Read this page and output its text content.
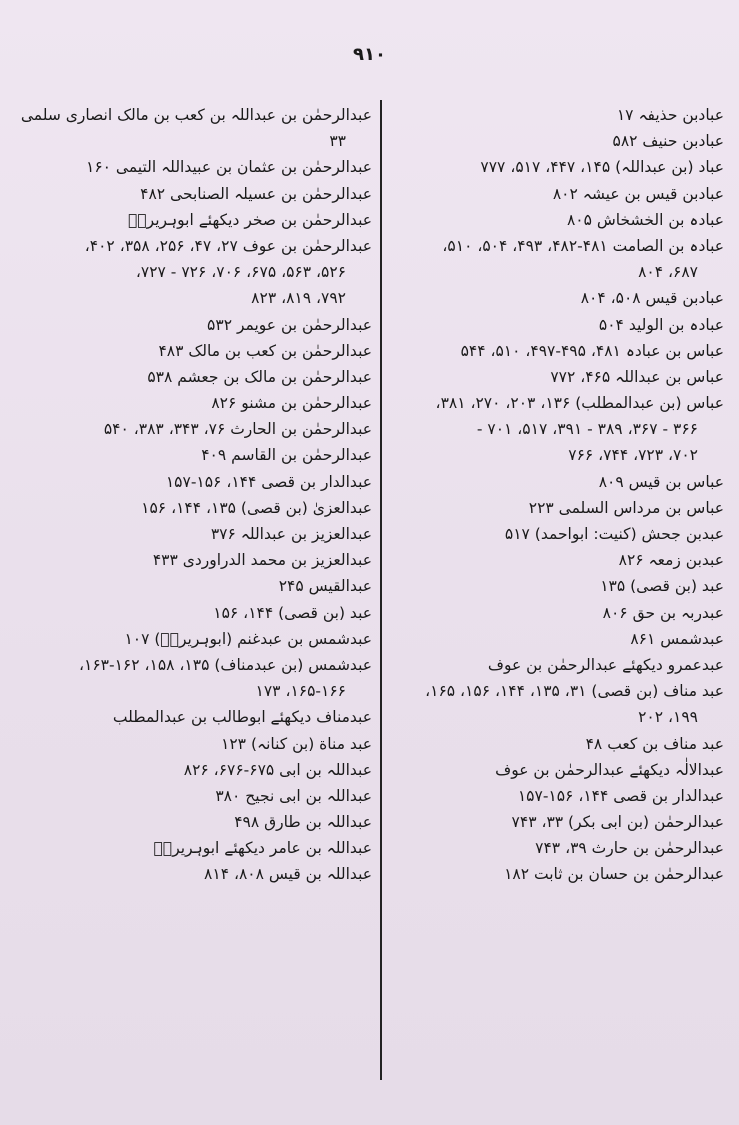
۹۱۰
عبادبن حذیفہ ۱۷
عبادبن حنیف ۵۸۲
عباد (بن عبداللہ) ۱۴۵، ۴۴۷، ۵۱۷، ۷۷۷
عبادبن قیس بن عیشہ ۸۰۲
عبادہ بن الخشخاش ۸۰۵
عبادہ بن الصامت ۴۸۱-۴۸۲، ۴۹۳، ۵۰۴، ۵۱۰،
۶۸۷، ۸۰۴
عبادبن قیس ۵۰۸، ۸۰۴
عبادہ بن الولید ۵۰۴
عباس بن عبادہ ۴۸۱، ۴۹۵-۴۹۷، ۵۱۰، ۵۴۴
عباس بن عبداللہ ۴۶۵، ۷۷۲
عباس (بن عبدالمطلب) ۱۳۶، ۲۰۳، ۲۷۰، ۳۸۱،
۳۶۶ - ۳۶۷، ۳۸۹ - ۳۹۱، ۵۱۷، ۷۰۱ -
۷۰۲، ۷۲۳، ۷۴۴، ۷۶۶
عباس بن قیس ۸۰۹
عباس بن مرداس السلمی ۲۲۳
عبدبن جحش (کنیت: ابواحمد) ۵۱۷
عبدبن زمعہ ۸۲۶
عبد (بن قصی) ۱۳۵
عبدربہ بن حق ۸۰۶
عبدشمس ۸۶۱
عبدعمرو دیکھئے عبدالرحمٰن بن عوف
عبد مناف (بن قصی) ۳۱، ۱۳۵، ۱۴۴، ۱۵۶، ۱۶۵،
۱۹۹، ۲۰۲
عبد مناف بن کعب ۴۸
عبدالالٰہ دیکھئے عبدالرحمٰن بن عوف
عبدالدار بن قصی ۱۴۴، ۱۵۶-۱۵۷
عبدالرحمٰن (بن ابی بکر) ۳۳، ۷۴۳
عبدالرحمٰن بن حارث ۳۹، ۷۴۳
عبدالرحمٰن بن حسان بن ثابت ۱۸۲
عبدالرحمٰن بن عبداللہ بن کعب بن مالک انصاری سلمی
۳۳
عبدالرحمٰن بن عثمان بن عبیداللہ التیمی ۱۶۰
عبدالرحمٰن بن عسیلہ الصنابحی ۴۸۲
عبدالرحمٰن بن صخر دیکھئے ابوہریرہؓ
عبدالرحمٰن بن عوف ۲۷، ۴۷، ۲۵۶، ۳۵۸، ۴۰۲،
۵۲۶، ۵۶۳، ۶۷۵، ۷۰۶، ۷۲۶ - ۷۲۷،
۷۹۲، ۸۱۹، ۸۲۳
عبدالرحمٰن بن عویمر ۵۳۲
عبدالرحمٰن بن کعب بن مالک ۴۸۳
عبدالرحمٰن بن مالک بن جعشم ۵۳۸
عبدالرحمٰن بن مشنو ۸۲۶
عبدالرحمٰن بن الحارث ۷۶، ۳۴۳، ۳۸۳، ۵۴۰
عبدالرحمٰن بن القاسم ۴۰۹
عبدالدار بن قصی ۱۴۴، ۱۵۶-۱۵۷
عبدالعزیٰ (بن قصی) ۱۳۵، ۱۴۴، ۱۵۶
عبدالعزیز بن عبداللہ ۳۷۶
عبدالعزیز بن محمد الدراوردی ۴۳۳
عبدالقیس ۲۴۵
عبد (بن قصی) ۱۴۴، ۱۵۶
عبدشمس بن عبدغنم (ابوہریرہؓ) ۱۰۷
عبدشمس (بن عبدمناف) ۱۳۵، ۱۵۸، ۱۶۲-۱۶۳،
۱۶۵-۱۶۶، ۱۷۳
عبدمناف دیکھئے ابوطالب بن عبدالمطلب
عبد مناة (بن کنانہ) ۱۲۳
عبداللہ بن ابی ۶۷۵-۶۷۶، ۸۲۶
عبداللہ بن ابی نجیح ۳۸۰
عبداللہ بن طارق ۴۹۸
عبداللہ بن عامر دیکھئے ابوہریرہؓ
عبداللہ بن قیس ۸۰۸، ۸۱۴
